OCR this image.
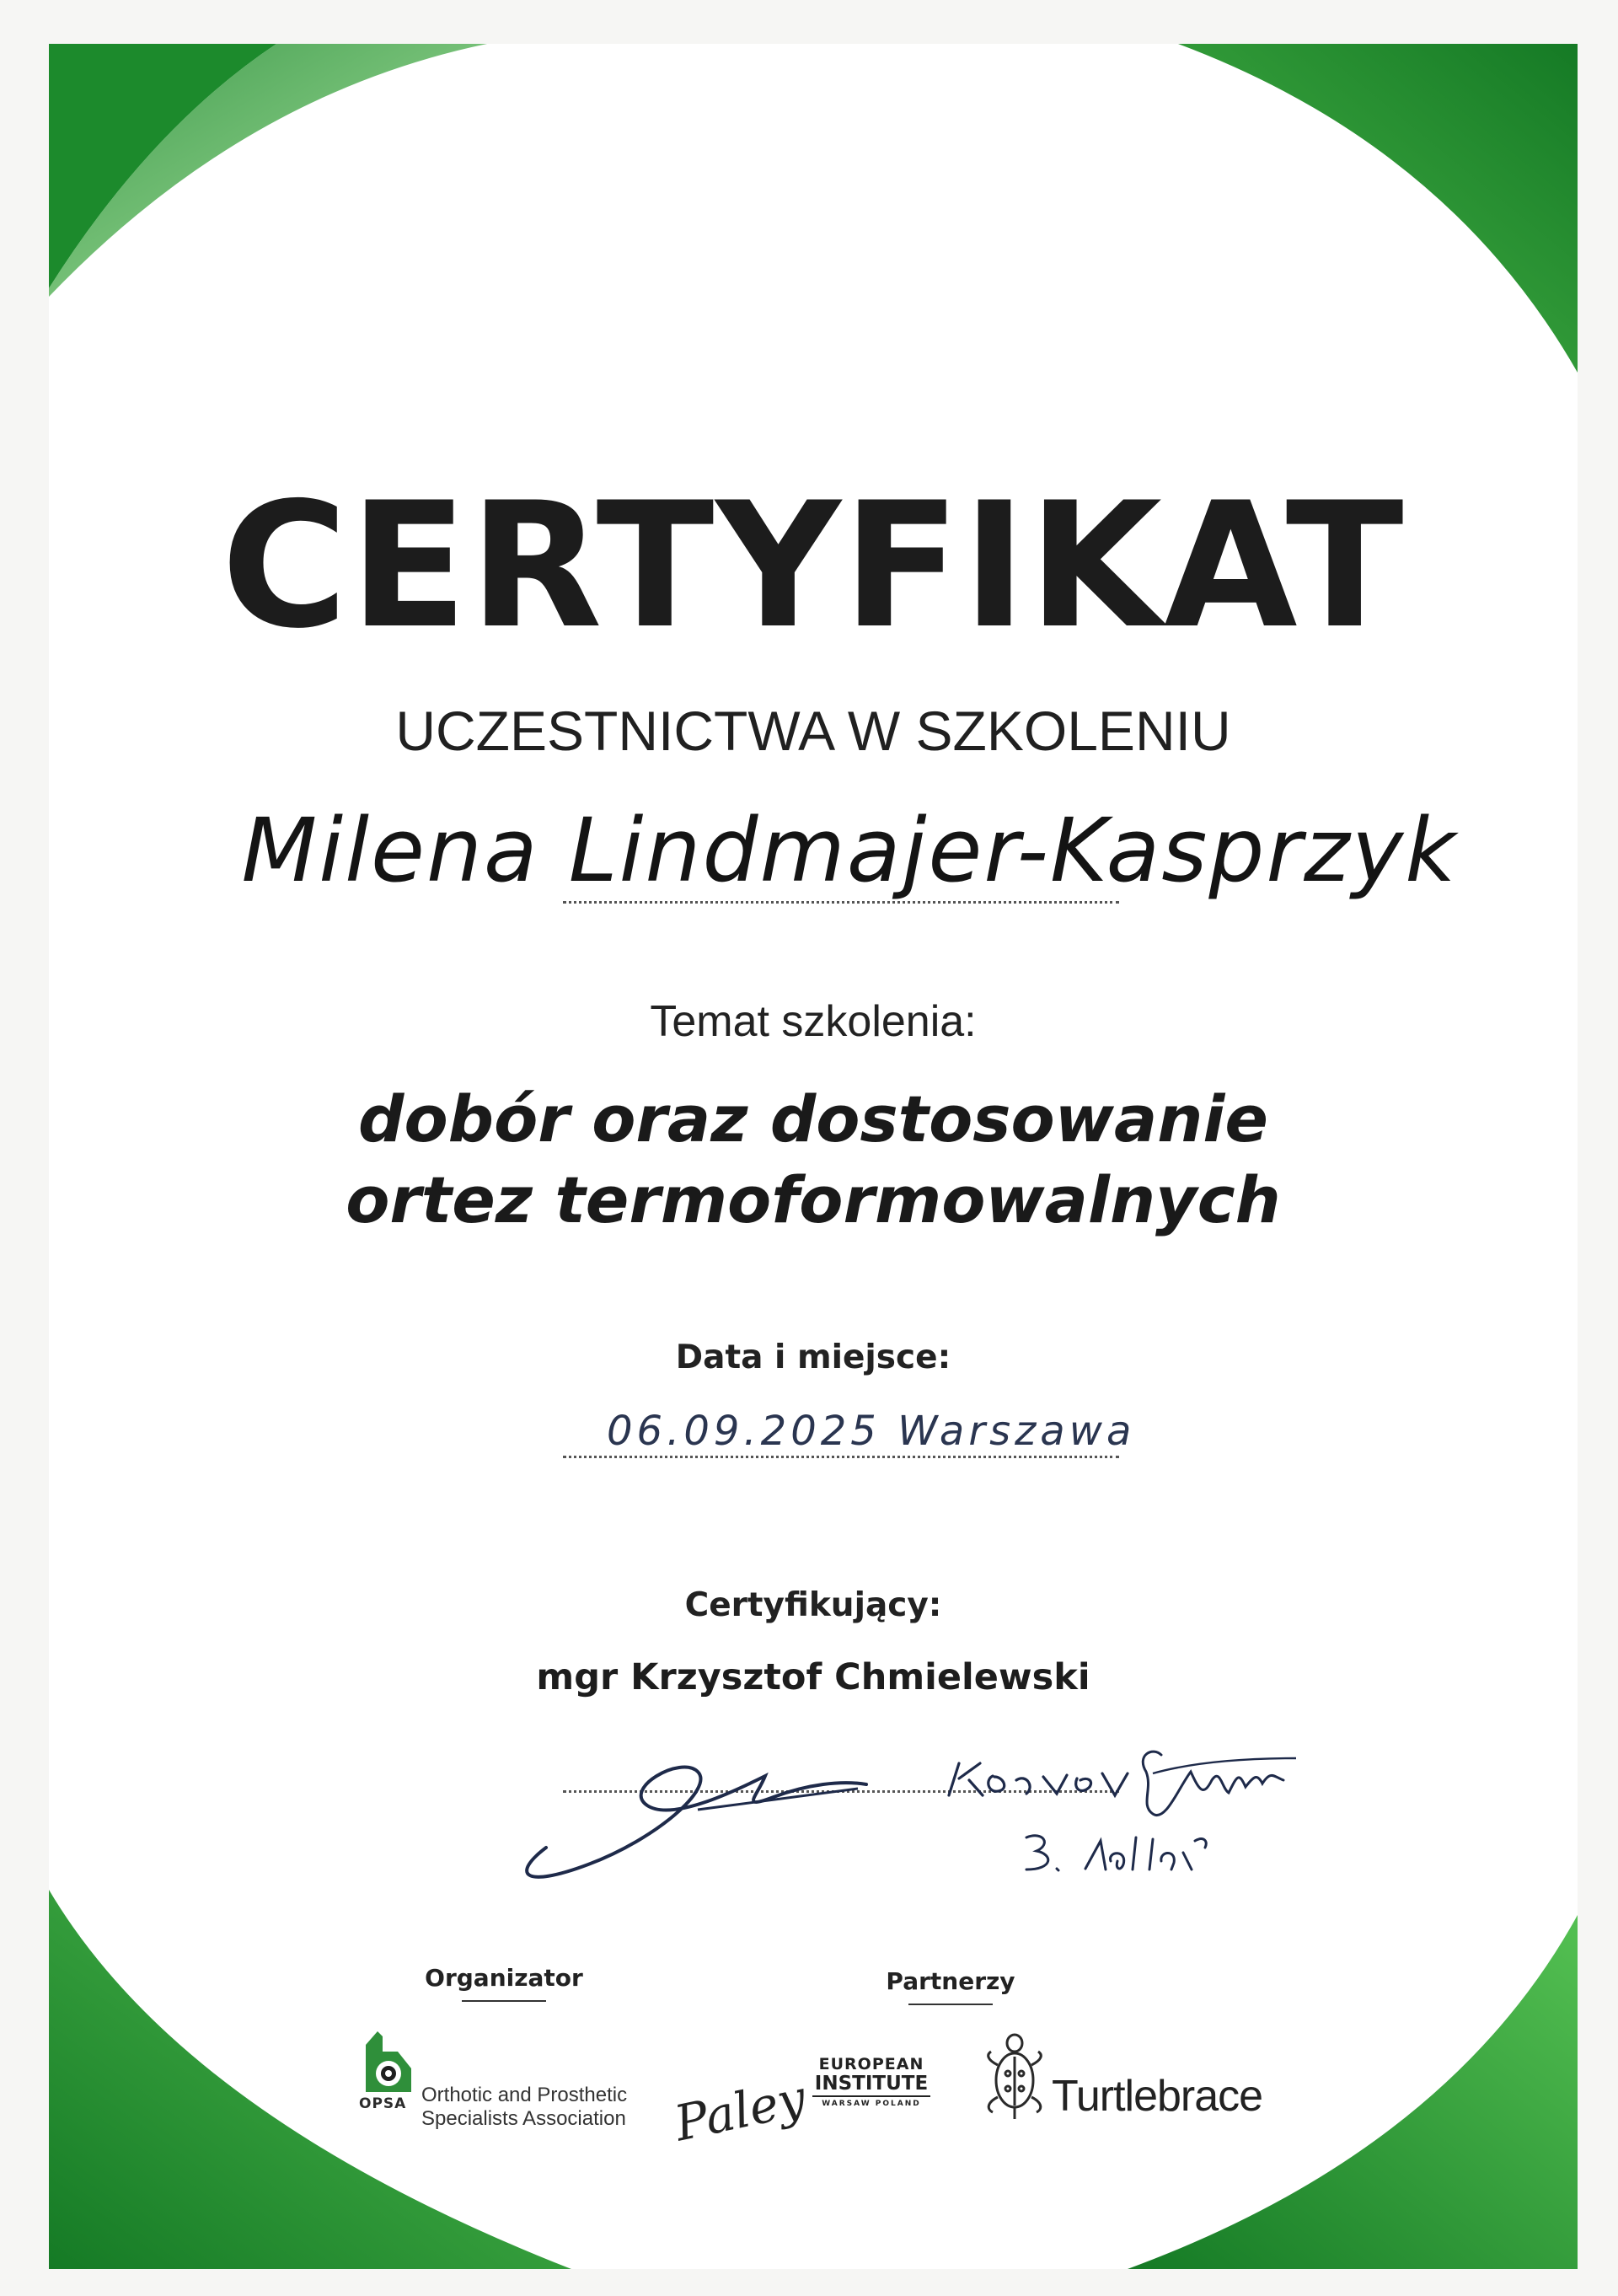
CERTYFIKAT
UCZESTNICTWA W SZKOLENIU
Milena Lindmajer-Kasprzyk
Temat szkolenia:
dobór oraz dostosowanie
ortez termoformowalnych
Data i miejsce:
06.09.2025 Warszawa
Certyfikujący:
mgr Krzysztof Chmielewski
Organizator	Partnerzy
OPSA Orthotic and Prosthetic
Specialists Association Paley
EUROPEAN
INSTITUTE
WARSAW POLAND	Turtlebrace
